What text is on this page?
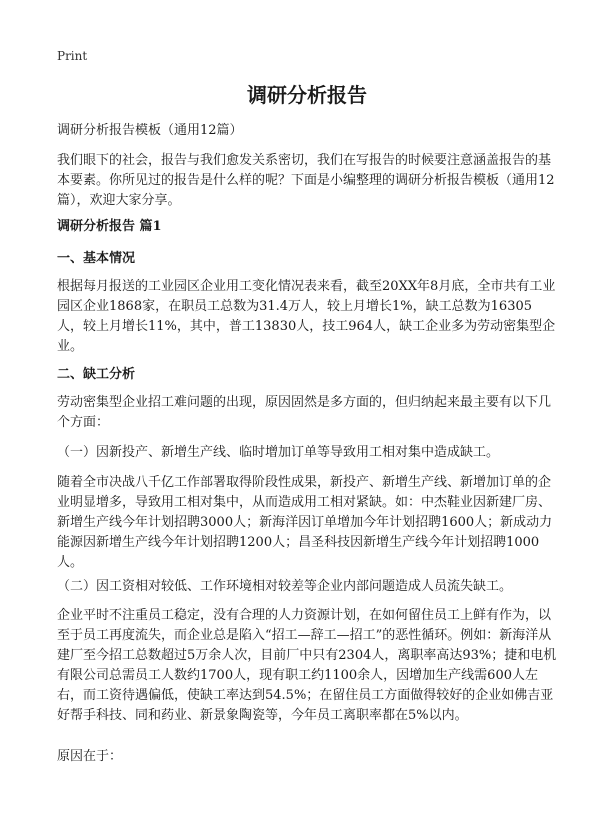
Print
调研分析报告

调研分析报告模板（通用12篇）

我们眼下的社会，报告与我们愈发关系密切，我们在写报告的时候要注意涵盖报告的基本要素。你所见过的报告是什么样的呢？下面是小编整理的调研分析报告模板（通用12篇），欢迎大家分享。

调研分析报告 篇1

一、基本情况

根据每月报送的工业园区企业用工变化情况表来看，截至20XX年8月底，全市共有工业园区企业1868家，在职员工总数为31.4万人，较上月增长1%，缺工总数为16305人，较上月增长11%，其中，普工13830人，技工964人，缺工企业多为劳动密集型企业。

二、缺工分析

劳动密集型企业招工难问题的出现，原因固然是多方面的，但归纳起来最主要有以下几个方面：

（一）因新投产、新增生产线、临时增加订单等导致用工相对集中造成缺工。

随着全市决战八千亿工作部署取得阶段性成果，新投产、新增生产线、新增加订单的企业明显增多，导致用工相对集中，从而造成用工相对紧缺。如：中杰鞋业因新建厂房、新增生产线今年计划招聘3000人；新海洋因订单增加今年计划招聘1600人；新成动力能源因新增生产线今年计划招聘1200人；昌圣科技因新增生产线今年计划招聘1000人。

（二）因工资相对较低、工作环境相对较差等企业内部问题造成人员流失缺工。

企业平时不注重员工稳定，没有合理的人力资源计划，在如何留住员工上鲜有作为，以至于员工再度流失，而企业总是陷入“招工—辞工—招工”的恶性循环。例如：新海洋从建厂至今招工总数超过5万余人次，目前厂中只有2304人，离职率高达93%；捷和电机有限公司总需员工人数约1700人，现有职工约1100余人，因增加生产线需600人左右，而工资待遇偏低，使缺工率达到54.5%；在留住员工方面做得较好的企业如佛吉亚好帮手科技、同和药业、新景象陶瓷等，今年员工离职率都在5%以内。

原因在于：
